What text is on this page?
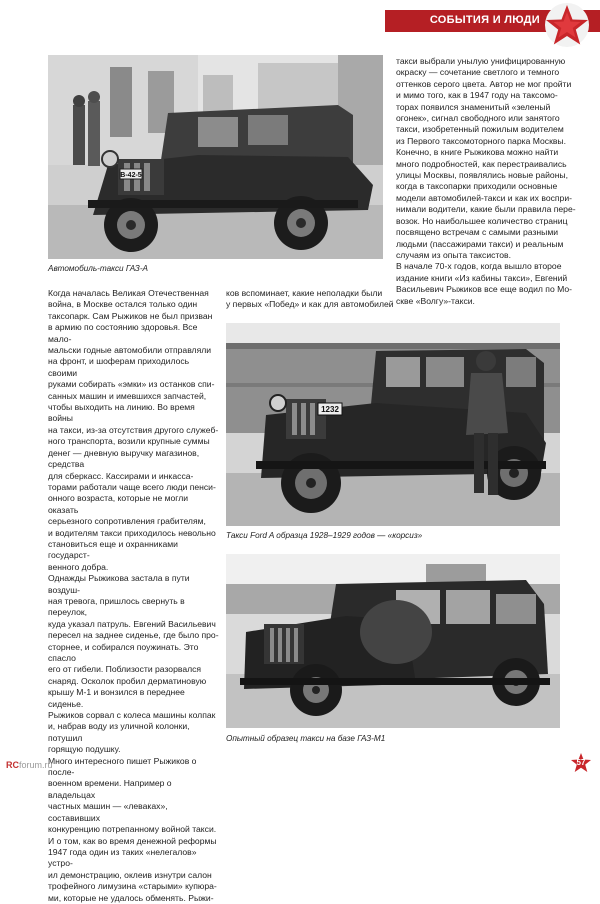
СОБЫТИЯ И ЛЮДИ
В-42-5
Автомобиль-такси ГАЗ-А

такси выбрали унылую унифицированную

окраску — сочетание светлого и темного

оттенков серого цвета. Автор не мог пройти

и мимо того, как в 1947 году на таксомо-

торах появился знаменитый «зеленый

огонек», сигнал свободного или занятого

такси, изобретенный пожилым водителем

из Первого таксомоторного парка Москвы.

Конечно, в книге Рыжикова можно найти

много подробностей, как перестраивались

улицы Москвы, появлялись новые районы,

когда в таксопарки приходили основные

модели автомобилей-такси и как их воспри-

нимали водители, какие были правила пере-

возок. Но наибольшее количество страниц

посвящено встречам с самыми разными

людьми (пассажирами такси) и реальным

случаям из опыта таксистов.

В начале 70-х годов, когда вышло второе

издание книги «Из кабины такси», Евгений

Васильевич Рыжиков все еще водил по Мо-

скве «Волгу»-такси.

ков вспоминает, какие неполадки были

у первых «Побед» и как для автомобилей

Когда началась Великая Отечественная

война, в Москве остался только один

таксопарк. Сам Рыжиков не был призван

в армию по состоянию здоровья. Все мало-

мальски годные автомобили отправляли

на фронт, и шоферам приходилось своими

руками собирать «эмки» из останков спи-

санных машин и имевшихся запчастей,

чтобы выходить на линию. Во время войны

на такси, из-за отсутствия другого служеб-

ного транспорта, возили крупные суммы

денег — дневную выручку магазинов, средства

для сберкасс. Кассирами и инкасса-

торами работали чаще всего люди пенси-

онного возраста, которые не могли оказать

серьезного сопротивления грабителям,

и водителям такси приходилось невольно

становиться еще и охранниками государст-

венного добра.

Однажды Рыжикова застала в пути воздуш-

ная тревога, пришлось свернуть в переулок,

куда указал патруль. Евгений Васильевич

пересел на заднее сиденье, где было про-

сторнее, и собирался поужинать. Это спасло

его от гибели. Поблизости разорвался

снаряд. Осколок пробил дерматиновую

крышу М-1 и вонзился в переднее сиденье.

Рыжиков сорвал с колеса машины колпак

и, набрав воду из уличной колонки, потушил

горящую подушку.

Много интересного пишет Рыжиков о после-

военном времени. Например о владельцах

частных машин — «леваках», составивших

конкуренцию потрепанному войной такси.

И о том, как во время денежной реформы

1947 года один из таких «нелегалов» устро-

ил демонстрацию, оклеив изнутри салон

трофейного лимузина «старыми» купюра-

ми, которые не удалось обменять. Рыжи-

1232
Такси Ford A образца 1928–1929 годов — «корсиз»
Опытный образец такси на базе ГАЗ-М1
RCforum.ru	57
